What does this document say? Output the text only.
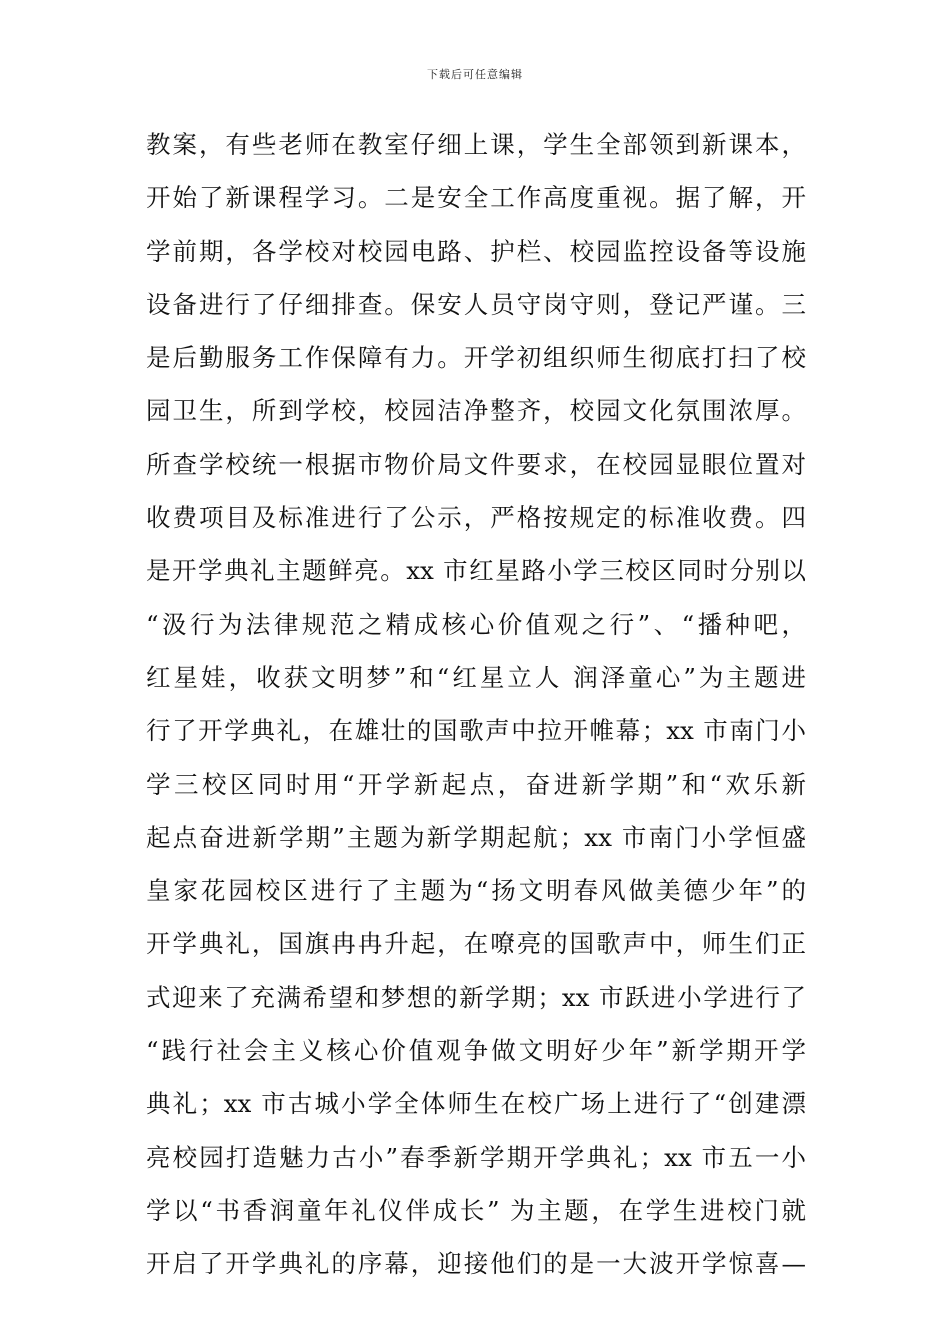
下载后可任意编辑
教案，有些老师在教室仔细上课，学生全部领到新课本，
开始了新课程学习。二是安全工作高度重视。据了解，开
学前期，各学校对校园电路、护栏、校园监控设备等设施
设备进行了仔细排查。保安人员守岗守则，登记严谨。三
是后勤服务工作保障有力。开学初组织师生彻底打扫了校
园卫生，所到学校，校园洁净整齐，校园文化氛围浓厚。
所查学校统一根据市物价局文件要求，在校园显眼位置对
收费项目及标准进行了公示，严格按规定的标准收费。四
是开学典礼主题鲜亮。xx 市红星路小学三校区同时分别以
“汲行为法律规范之精成核心价值观之行”、“播种吧，
红星娃，收获文明梦”和“红星立人 润泽童心”为主题进
行了开学典礼，在雄壮的国歌声中拉开帷幕；xx 市南门小
学三校区同时用“开学新起点，奋进新学期”和“欢乐新
起点奋进新学期”主题为新学期起航；xx 市南门小学恒盛
皇家花园校区进行了主题为“扬文明春风做美德少年”的
开学典礼，国旗冉冉升起，在嘹亮的国歌声中，师生们正
式迎来了充满希望和梦想的新学期；xx 市跃进小学进行了
“践行社会主义核心价值观争做文明好少年”新学期开学
典礼；xx 市古城小学全体师生在校广场上进行了“创建漂
亮校园打造魅力古小”春季新学期开学典礼；xx 市五一小
学以“书香润童年礼仪伴成长” 为主题，在学生进校门就
开启了开学典礼的序幕，迎接他们的是一大波开学惊喜—
